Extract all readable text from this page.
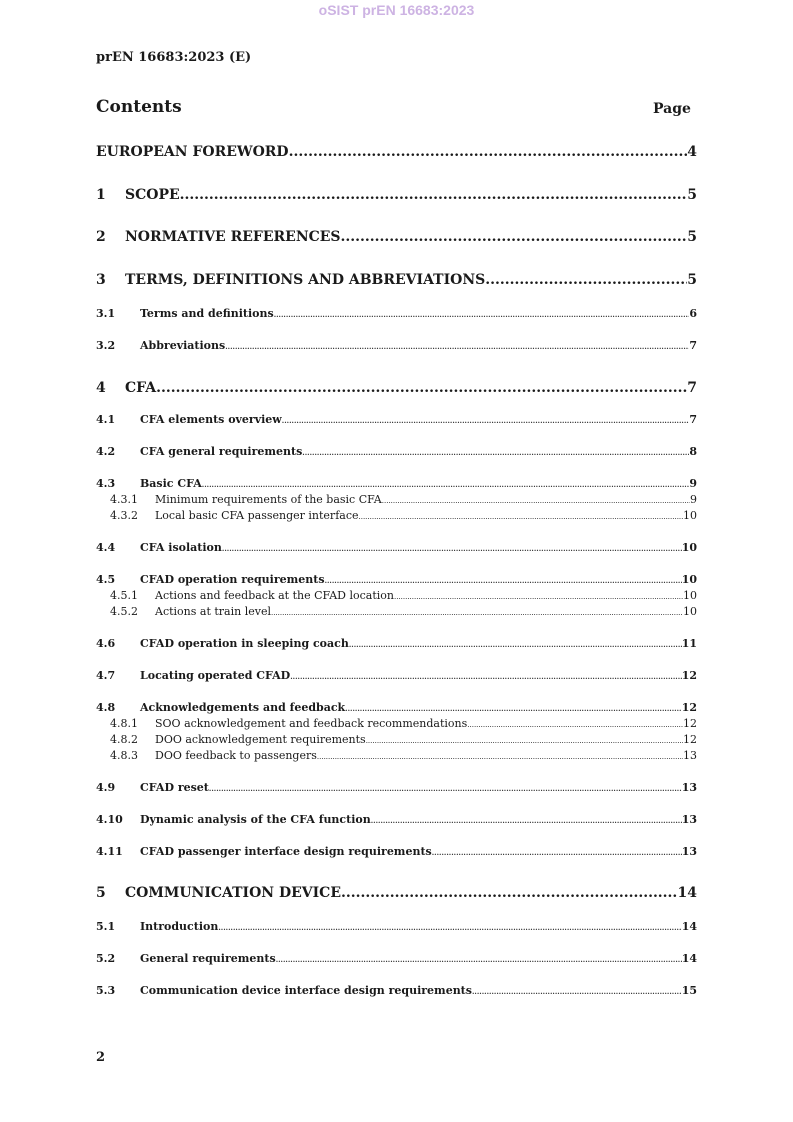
oSIST prEN 16683:2023
prEN 16683:2023 (E)
Contents	Page
EUROPEAN FOREWORD .....	4
1	SCOPE .....	5
2	NORMATIVE REFERENCES .....	5
3	TERMS, DEFINITIONS AND ABBREVIATIONS .....	5
3.1	Terms and definitions .....	6
3.2	Abbreviations .....	7
4	CFA .....	7
4.1	CFA elements overview .....	7
4.2	CFA general requirements .....	8
4.3	Basic CFA .....	9
4.3.1	Minimum requirements of the basic CFA .....	9
4.3.2	Local basic CFA passenger interface .....	10
4.4	CFA isolation .....	10
4.5	CFAD operation requirements .....	10
4.5.1	Actions and feedback at the CFAD location .....	10
4.5.2	Actions at train level .....	10
4.6	CFAD operation in sleeping coach .....	11
4.7	Locating operated CFAD .....	12
4.8	Acknowledgements and feedback .....	12
4.8.1	SOO acknowledgement and feedback recommendations .....	12
4.8.2	DOO acknowledgement requirements .....	12
4.8.3	DOO feedback to passengers .....	13
4.9	CFAD reset .....	13
4.10	Dynamic analysis of the CFA function .....	13
4.11	CFAD passenger interface design requirements .....	13
5	COMMUNICATION DEVICE .....	14
5.1	Introduction .....	14
5.2	General requirements .....	14
5.3	Communication device interface design requirements .....	15
2
